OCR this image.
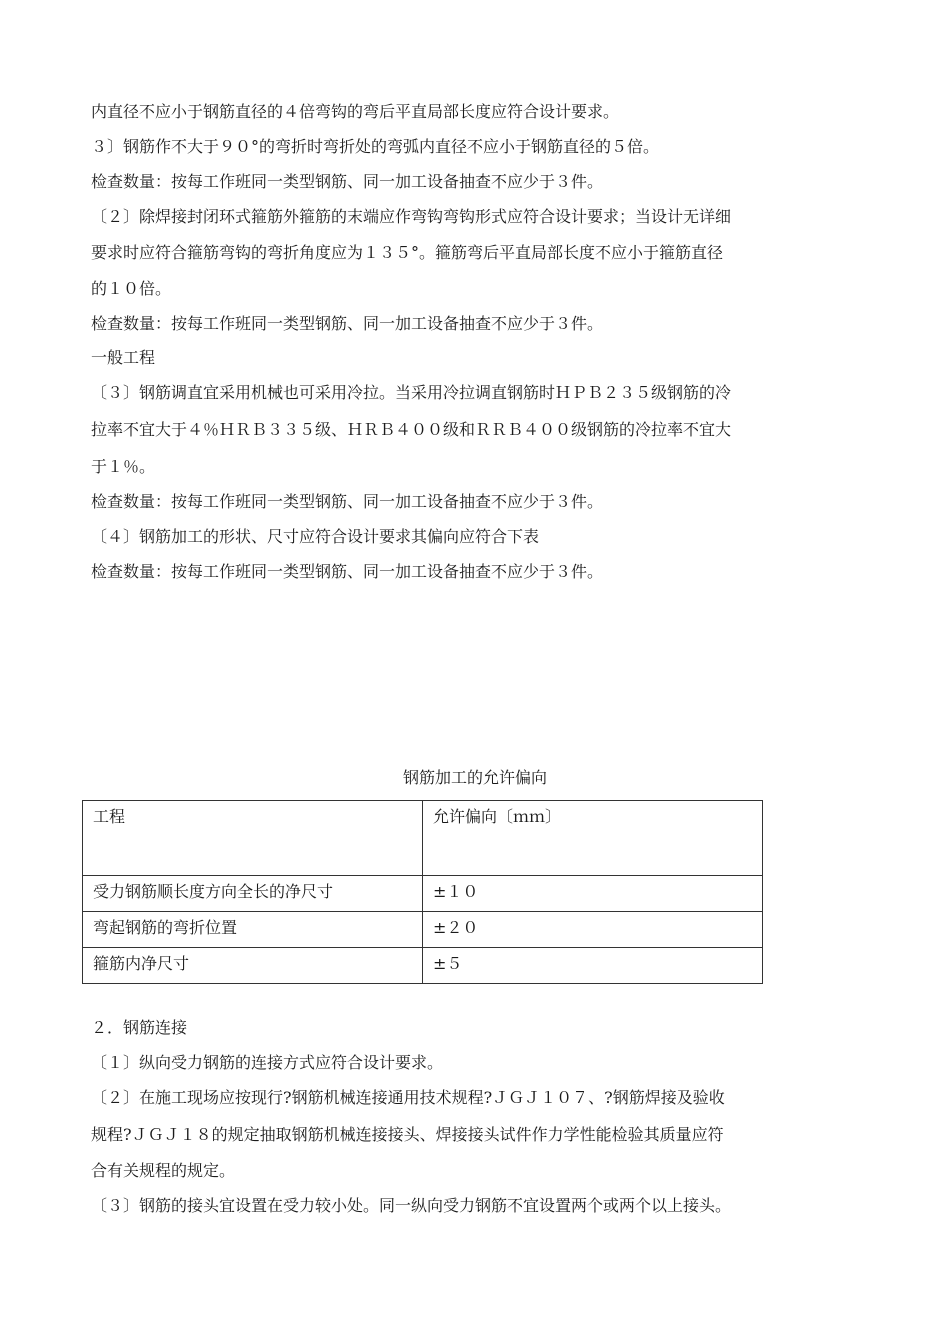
内直径不应小于钢筋直径的４倍弯钩的弯后平直局部长度应符合设计要求。
３〕钢筋作不大于９０°的弯折时弯折处的弯弧内直径不应小于钢筋直径的５倍。
检查数量：按每工作班同一类型钢筋、同一加工设备抽查不应少于３件。
〔２〕除焊接封闭环式箍筋外箍筋的末端应作弯钩弯钩形式应符合设计要求；当设计无详细
要求时应符合箍筋弯钩的弯折角度应为１３５°。箍筋弯后平直局部长度不应小于箍筋直径
的１０倍。
检查数量：按每工作班同一类型钢筋、同一加工设备抽查不应少于３件。
一般工程
〔３〕钢筋调直宜采用机械也可采用冷拉。当采用冷拉调直钢筋时ＨＰＢ２３５级钢筋的冷
拉率不宜大于４％ＨＲＢ３３５级、ＨＲＢ４００级和ＲＲＢ４００级钢筋的冷拉率不宜大
于１％。
检查数量：按每工作班同一类型钢筋、同一加工设备抽查不应少于３件。
〔４〕钢筋加工的形状、尺寸应符合设计要求其偏向应符合下表
检查数量：按每工作班同一类型钢筋、同一加工设备抽查不应少于３件。
钢筋加工的允许偏向
工程	允许偏向〔ｍｍ〕
受力钢筋顺长度方向全长的净尺寸	±１０
弯起钢筋的弯折位置	±２０
箍筋内净尺寸	±５
２．钢筋连接
〔１〕纵向受力钢筋的连接方式应符合设计要求。
〔２〕在施工现场应按现行?钢筋机械连接通用技术规程?ＪＧＪ１０７、?钢筋焊接及验收
规程?ＪＧＪ１８的规定抽取钢筋机械连接接头、焊接接头试件作力学性能检验其质量应符
合有关规程的规定。
〔３〕钢筋的接头宜设置在受力较小处。同一纵向受力钢筋不宜设置两个或两个以上接头。
